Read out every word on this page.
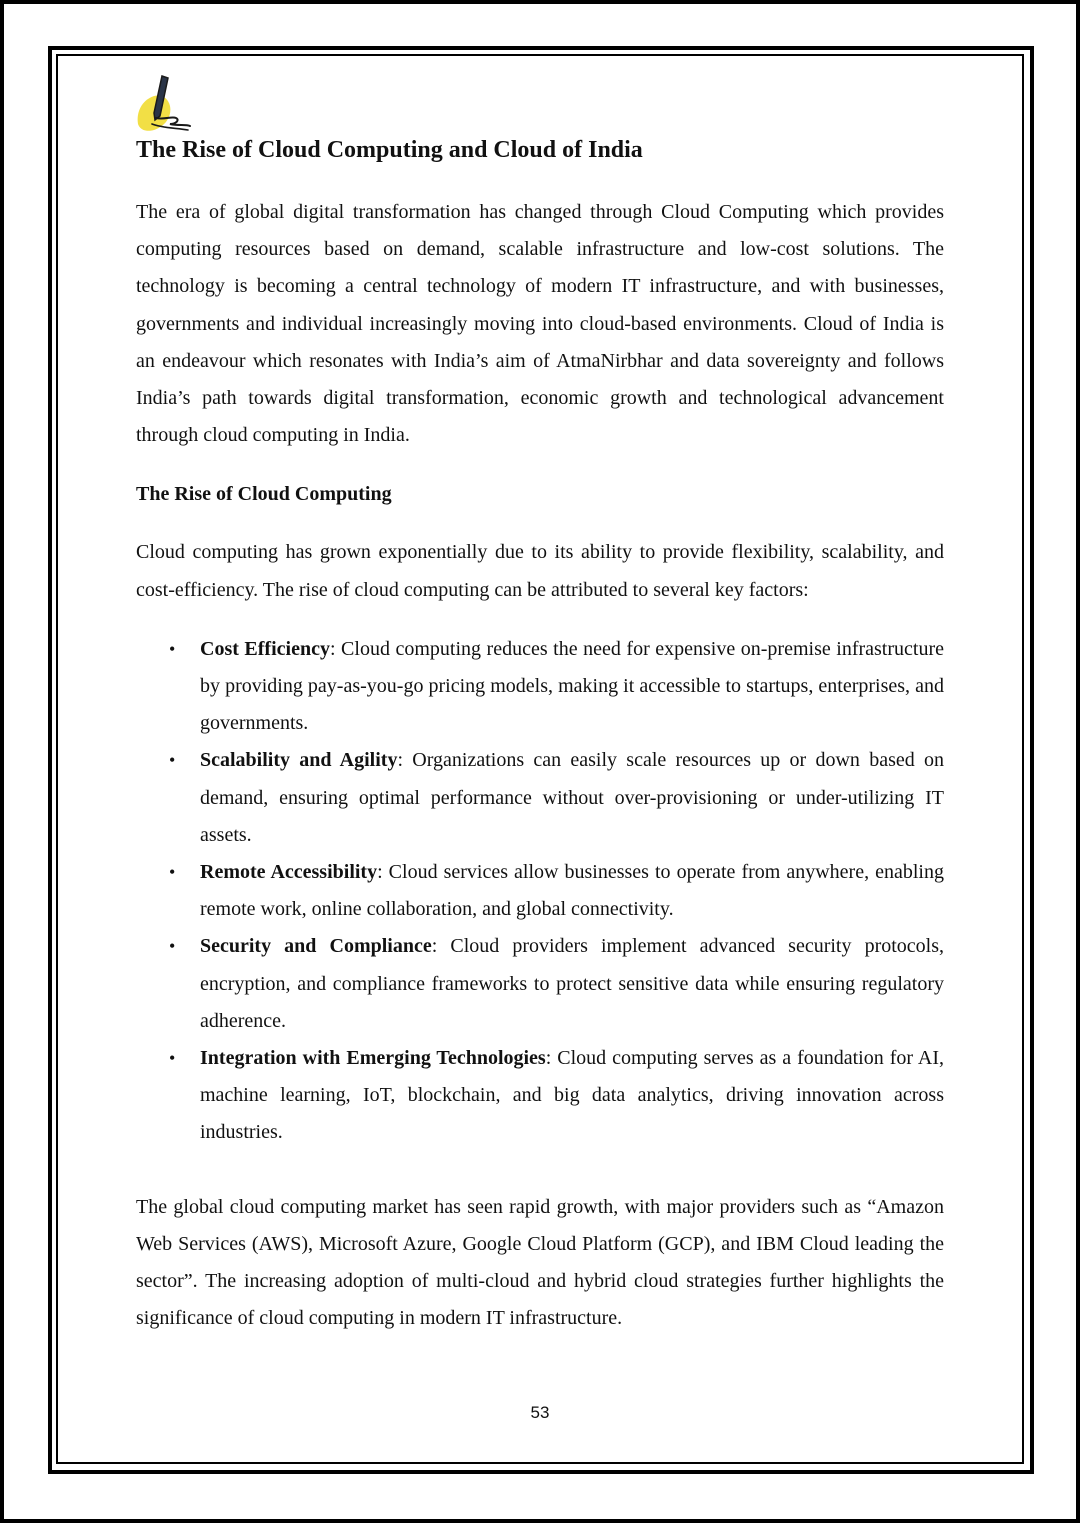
The Rise of Cloud Computing and Cloud of India

The era of global digital transformation has changed through Cloud Computing which provides computing resources based on demand, scalable infrastructure and low-cost solutions. The technology is becoming a central technology of modern IT infrastructure, and with businesses, governments and individual increasingly moving into cloud-based environments. Cloud of India is an endeavour which resonates with India’s aim of AtmaNirbhar and data sovereignty and follows India’s path towards digital transformation, economic growth and technological advancement through cloud computing in India.

The Rise of Cloud Computing

Cloud computing has grown exponentially due to its ability to provide flexibility, scalability, and cost-efficiency. The rise of cloud computing can be attributed to several key factors:

• Cost Efficiency: Cloud computing reduces the need for expensive on-premise infrastructure by providing pay-as-you-go pricing models, making it accessible to startups, enterprises, and governments.
• Scalability and Agility: Organizations can easily scale resources up or down based on demand, ensuring optimal performance without over-provisioning or under-utilizing IT assets.
• Remote Accessibility: Cloud services allow businesses to operate from anywhere, enabling remote work, online collaboration, and global connectivity.
• Security and Compliance: Cloud providers implement advanced security protocols, encryption, and compliance frameworks to protect sensitive data while ensuring regulatory adherence.
• Integration with Emerging Technologies: Cloud computing serves as a foundation for AI, machine learning, IoT, blockchain, and big data analytics, driving innovation across industries.

The global cloud computing market has seen rapid growth, with major providers such as “Amazon Web Services (AWS), Microsoft Azure, Google Cloud Platform (GCP), and IBM Cloud leading the sector”. The increasing adoption of multi-cloud and hybrid cloud strategies further highlights the significance of cloud computing in modern IT infrastructure.

53
